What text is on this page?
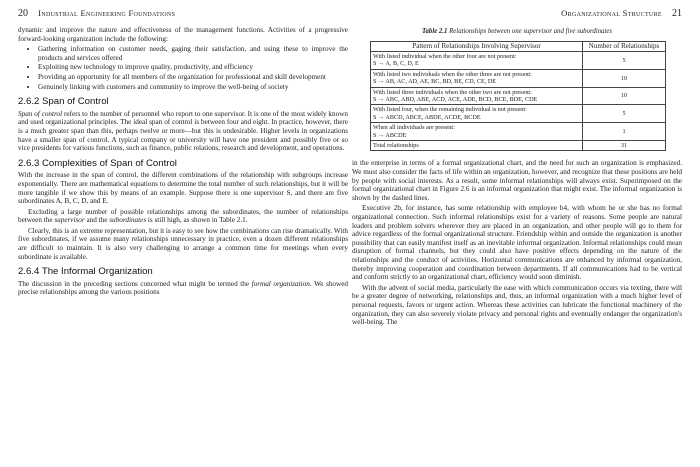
20 Industrial Engineering Foundations

dynamic and improve the nature and effectiveness of the management functions. Activities of a progressive forward-looking organization include the following:

• Gathering information on customer needs, gaging their satisfaction, and using these to improve the products and services offered
• Exploiting new technology to improve quality, productivity, and efficiency
• Providing an opportunity for all members of the organization for professional and skill development
• Genuinely linking with customers and community to improve the well-being of society
2.6.2 Span of Control

Span of control refers to the number of personnel who report to one supervisor. It is one of the most widely known and used organizational principles. The ideal span of control is between four and eight. In practice, however, there is a much greater span than this, perhaps twelve or more—but this is undesirable. Higher levels in organizations have a smaller span of control. A typical company or university will have one president and possibly five or so vice presidents for various functions, such as finance, public relations, research and development, and operations.

2.6.3 Complexities of Span of Control

With the increase in the span of control, the different combinations of the relationship with subgroups increase exponentially. There are mathematical equations to determine the total number of such relationships, but it will be more tangible if we show this by means of an example. Suppose there is one supervisor S, and there are five subordinates A, B, C, D, and E.

Excluding a large number of possible relationships among the subordinates, the number of relationships between the supervisor and the subordinates is still high, as shown in Table 2.1.

Clearly, this is an extreme representation, but it is easy to see how the combinations can rise dramatically. With five subordinates, if we assume many relationships unnecessary in practice, even a dozen different relationships are difficult to maintain. It is also very challenging to arrange a common time for meetings when every subordinate is available.

2.6.4 The Informal Organization

The discussion in the preceding sections concerned what might be termed the formal organization. We showed precise relationships among the various positions

Organizational Structure 21
Table 2.1 Relationships between one supervisor and five subordinates
Pattern of Relationships Involving Supervisor	Number of Relationships

With listed individual when the other four are not present:
S → A, B, C, D, E	5

With listed two individuals when the other three are not present:
S → AB, AC, AD, AE, BC, BD, BE, CD, CE, DE	10

With listed three individuals when the other two are not present:
S → ABC, ABD, ABE, ACD, ACE, ADE, BCD, BCE, BDE, CDE	10

With listed four, when the remaining individual is not present:
S → ABCD, ABCE, ABDE, ACDE, BCDE	5

When all individuals are present:
S → ABCDE	1
Total relationships	31

in the enterprise in terms of a formal organizational chart, and the need for such an organization is emphasized. We must also consider the facts of life within an organization, however, and recognize that these positions are held by people with social interests. As a result, some informal relationships will always exist. Superimposed on the formal organizational chart in Figure 2.6 is an informal organization that might exist. The informal organization is shown by the dashed lines.

Executive 2b, for instance, has some relationship with employee b4, with whom he or she has no formal organizational connection. Such informal relationships exist for a variety of reasons. Some people are natural leaders and problem solvers wherever they are placed in an organization, and other people will go to them for advice regardless of the formal organizational structure. Friendship within and outside the organization is another possibility that can easily manifest itself as an inevitable informal organization. Informal relationships could mean disruption of formal channels, but they could also have positive effects depending on the nature of the relationships and the conduct of activities. Horizontal communications are enhanced by informal organization, thereby improving cooperation and coordination between departments. If all communications had to be vertical and conform strictly to an organizational chart, efficiency would soon diminish.

With the advent of social media, particularly the ease with which communication occurs via texting, there will be a greater degree of networking, relationships and, thus, an informal organization with a much higher level of personal requests, favors or urgent action. Whereas these activities can lubricate the functional machinery of the organization, they can also severely violate privacy and personal rights and eventually endanger the organization's well-being. The
